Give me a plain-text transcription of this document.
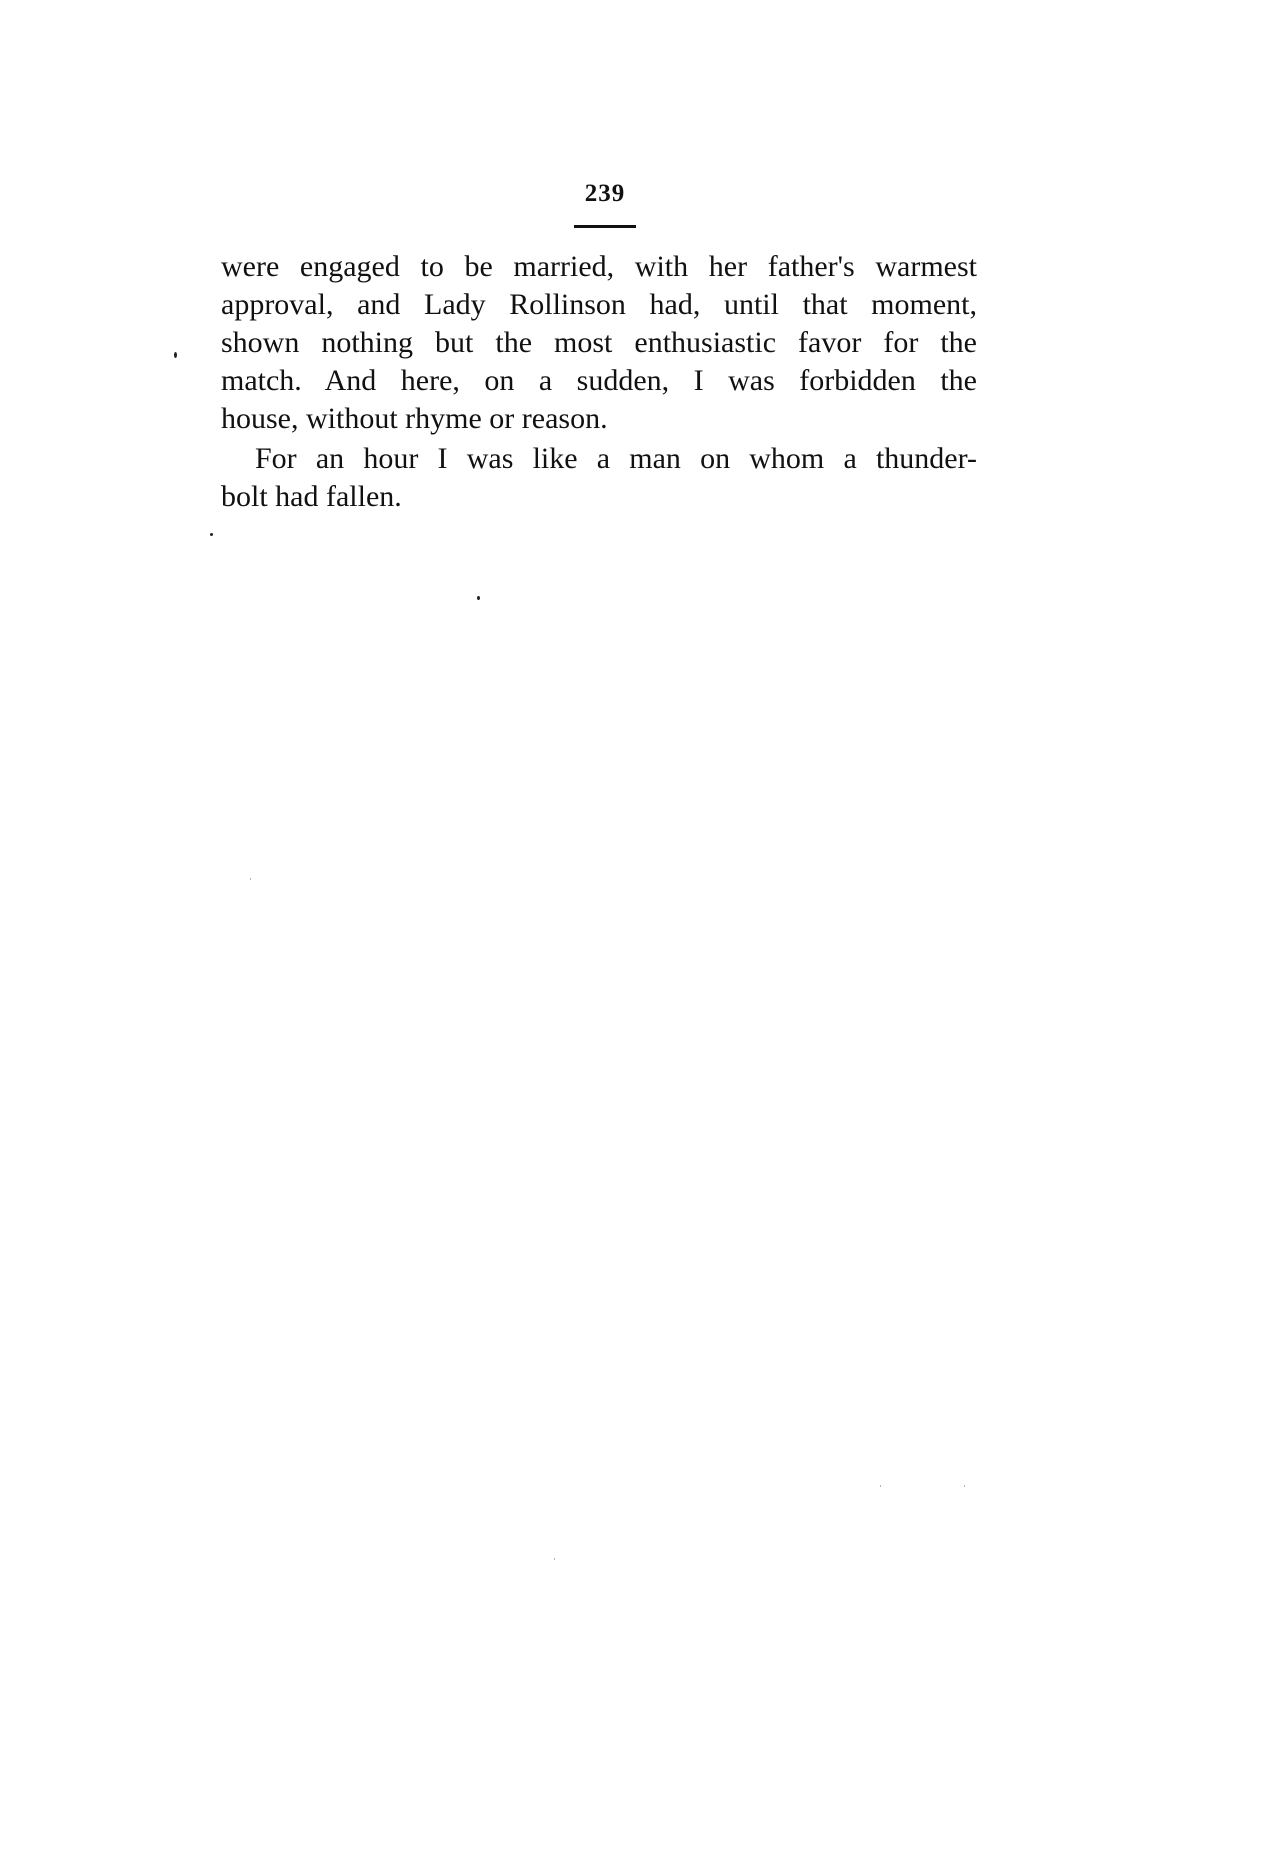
239
were engaged to be married, with her father's warmest
approval, and Lady Rollinson had, until that moment,
shown nothing but the most enthusiastic favor for the
match. And here, on a sudden, I was forbidden the
house, without rhyme or reason.
For an hour I was like a man on whom a thunder-
bolt had fallen.
